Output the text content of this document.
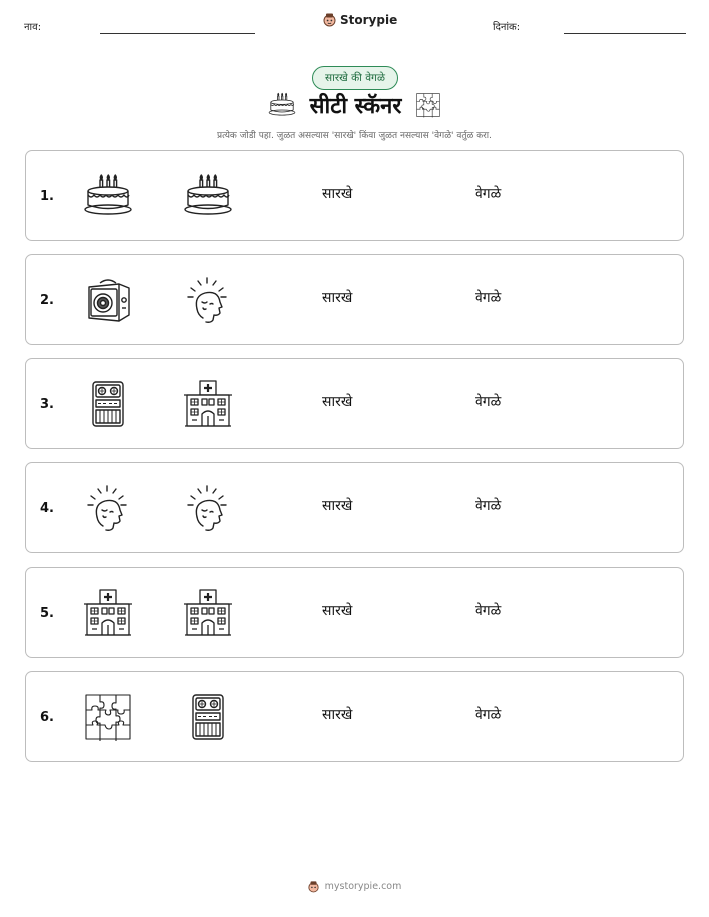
नाव:
Storypie
दिनांक:
सारखे की वेगळे
सीटी स्कॅनर
प्रत्येक जोडी पहा. जुळत असल्यास 'सारखे' किंवा जुळत नसल्यास 'वेगळे' वर्तुळ करा.
1.	सारखे	वेगळे
2.	सारखे	वेगळे
3.	सारखे	वेगळे
4.	सारखे	वेगळे
5.	सारखे	वेगळे
6.	सारखे	वेगळे
mystorypie.com
